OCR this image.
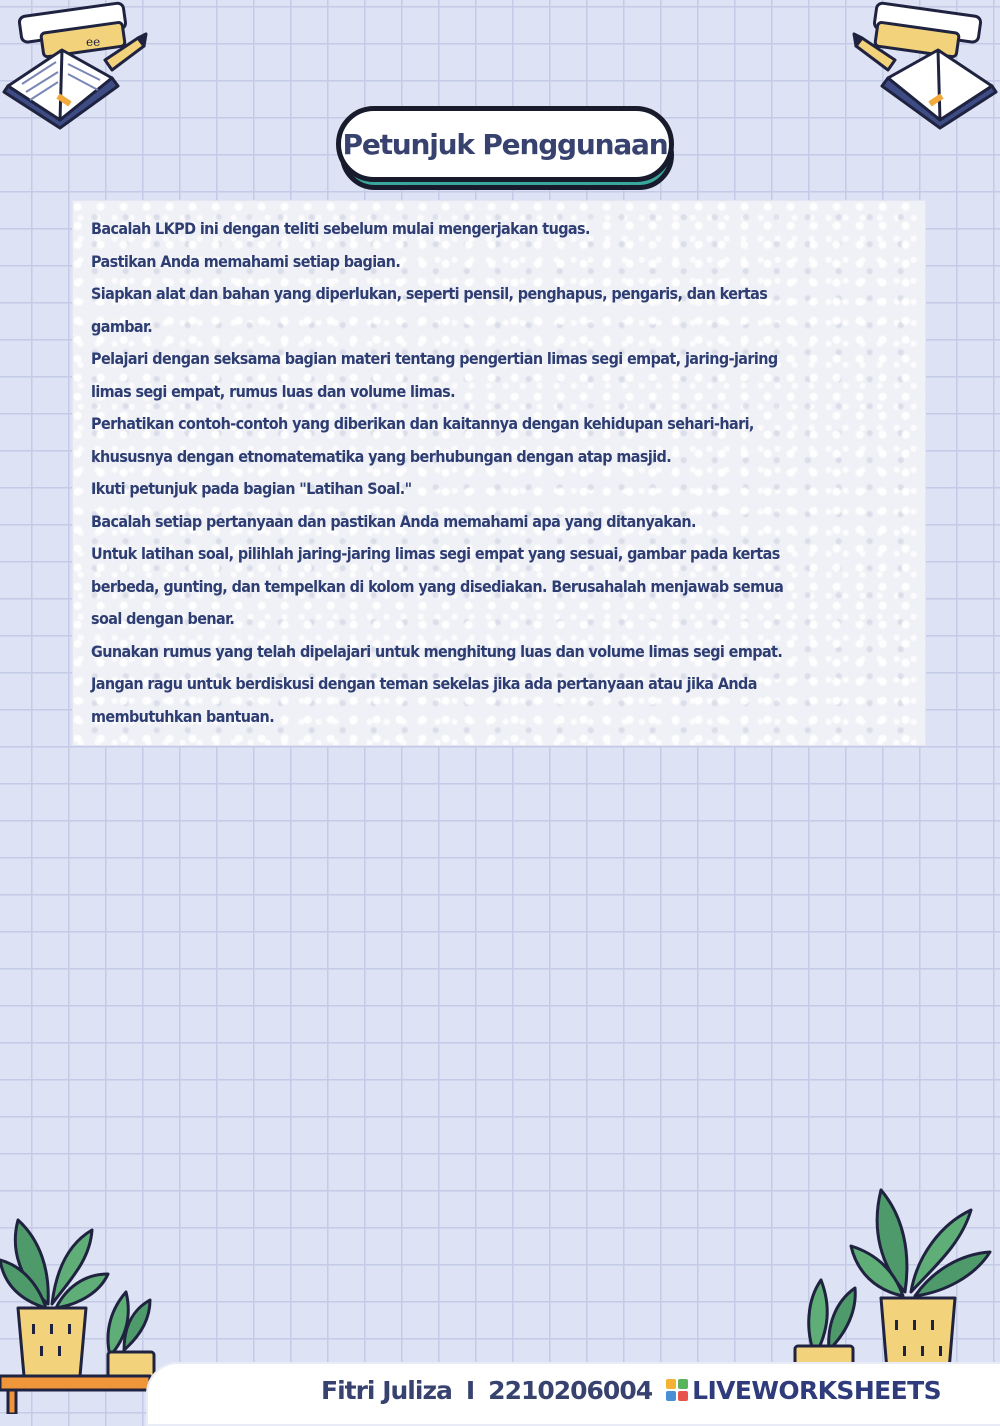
ee
Petunjuk Penggunaan

Bacalah LKPD ini dengan teliti sebelum mulai mengerjakan tugas.

Pastikan Anda memahami setiap bagian.

Siapkan alat dan bahan yang diperlukan, seperti pensil, penghapus, pengaris, dan kertas

gambar.

Pelajari dengan seksama bagian materi tentang pengertian limas segi empat, jaring-jaring

limas segi empat, rumus luas dan volume limas.

Perhatikan contoh-contoh yang diberikan dan kaitannya dengan kehidupan sehari-hari,

khususnya dengan etnomatematika yang berhubungan dengan atap masjid.

Ikuti petunjuk pada bagian "Latihan Soal."

Bacalah setiap pertanyaan dan pastikan Anda memahami apa yang ditanyakan.

Untuk latihan soal, pilihlah jaring-jaring limas segi empat yang sesuai, gambar pada kertas

berbeda, gunting, dan tempelkan di kolom yang disediakan. Berusahalah menjawab semua

soal dengan benar.

Gunakan rumus yang telah dipelajari untuk menghitung luas dan volume limas segi empat.

Jangan ragu untuk berdiskusi dengan teman sekelas jika ada pertanyaan atau jika Anda

membutuhkan bantuan.

Fitri Juliza I 2210206004 LIVEWORKSHEETS
